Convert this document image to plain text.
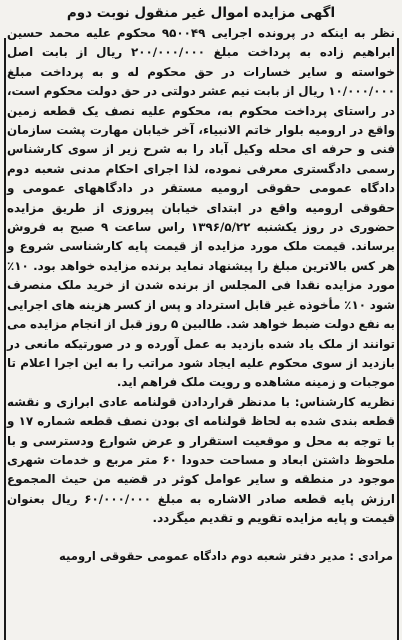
اگهی مزایده اموال غیر منقول نوبت دوم

نظر به اینکه در پرونده اجرایی ۹۵۰۰۴۹ محکوم علیه محمد حسین ابراهیم زاده به پرداخت مبلغ ۲۰۰/۰۰۰/۰۰۰ ریال از بابت اصل خواسته و سایر خسارات در حق محکوم له و به پرداخت مبلغ ۱۰/۰۰۰/۰۰۰ ریال از بابت نیم عشر دولتی در حق دولت محکوم است، در راستای پرداخت محکوم به، محکوم علیه نصف یک قطعه زمین واقع در ارومیه بلوار خاتم الانبیاء، آخر خیابان مهارت پشت سازمان فنی و حرفه ای محله وکیل آباد را به شرح زیر از سوی کارشناس رسمی دادگستری معرفی نموده، لذا اجرای احکام مدنی شعبه دوم دادگاه عمومی حقوقی ارومیه مستقر در دادگاههای عمومی و حقوقی ارومیه واقع در ابتدای خیابان پیروزی از طریق مزایده حضوری در روز یکشنبه ۱۳۹۶/۵/۲۲ راس ساعت ۹ صبح به فروش برساند. قیمت ملک مورد مزایده از قیمت پایه کارشناسی شروع و هر کس بالاترین مبلغ را پیشنهاد نماید برنده مزایده خواهد بود. ۱۰٪ مورد مزایده نقدا فی المجلس از برنده شدن از خرید ملک منصرف شود ۱۰٪ مأخوذه غیر قابل استرداد و پس از کسر هزینه های اجرایی به نفع دولت ضبط خواهد شد. طالبین ۵ روز قبل از انجام مزایده می توانند از ملک یاد شده بازدید به عمل آورده و در صورتیکه مانعی در بازدید از سوی محکوم علیه ایجاد شود مراتب را به این اجرا اعلام تا موجبات و زمینه مشاهده و رویت ملک فراهم اید.

نظریه کارشناس: با مدنظر قراردادن قولنامه عادی ابرازی و نقشه قطعه بندی شده به لحاظ قولنامه ای بودن نصف قطعه شماره ۱۷ و با توجه به محل و موقعیت استقرار و عرض شوارع ودسترسی و با ملحوظ داشتن ابعاد و مساحت حدودا ۶۰ متر مربع و خدمات شهری موجود در منطقه و سایر عوامل کوثر در قضیه من حیث المجموع ارزش پایه قطعه صادر الاشاره به مبلغ ۶۰/۰۰۰/۰۰۰ ریال بعنوان قیمت و پایه مزایده تقویم و تقدیم میگردد.

مرادی : مدیر دفتر شعبه دوم دادگاه عمومی حقوقی ارومیه
